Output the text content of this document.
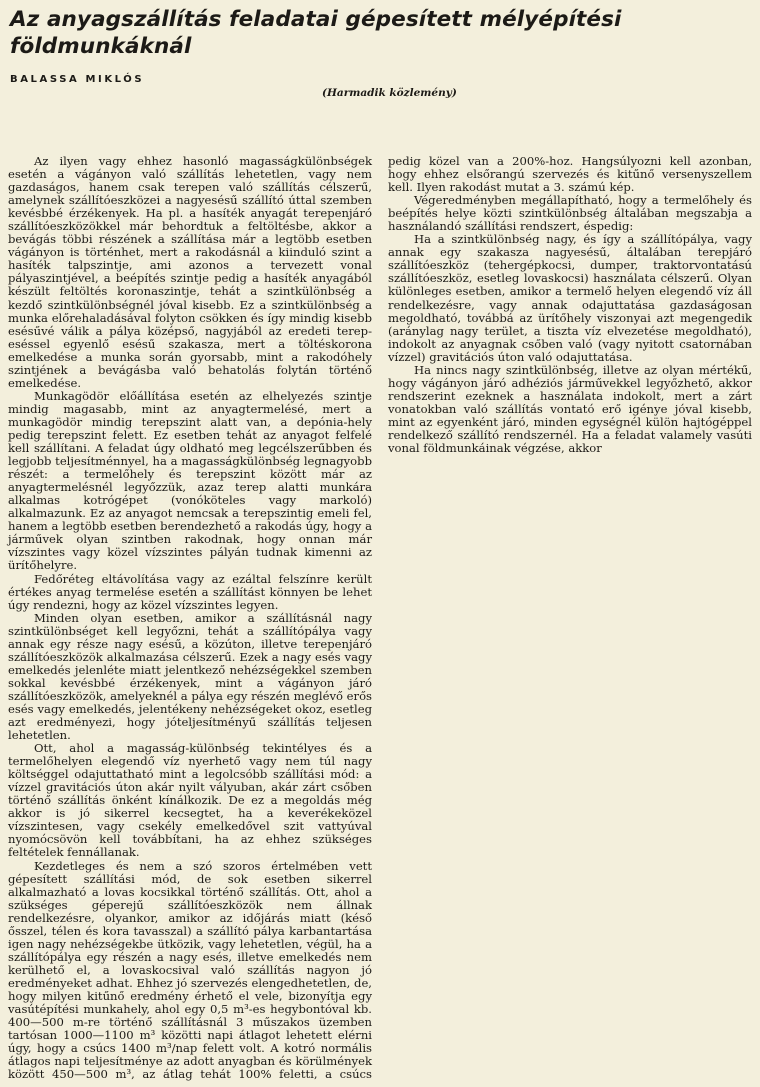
Az anyagszállítás feladatai gépesített mélyépítési földmunkáknál
BALASSA MIKLÓS
(Harmadik közlemény)

Az ilyen vagy ehhez hasonló magasságkülönbségek esetén a vágányon való szállítás lehetetlen, vagy nem gazdaságos, hanem csak terepen való szállítás célszerű, amelynek szállítóeszközei a nagyesésű szállító úttal szemben kevésbbé érzékenyek. Ha pl. a hasíték anyagát terepenjáró szállítóeszközökkel már behordtuk a feltöltésbe, akkor a bevágás többi részének a szállítása már a legtöbb esetben vágányon is történhet, mert a rakodásnál a kiinduló szint a hasíték talpszintje, ami azonos a tervezett vonal pályaszintjével, a beépítés szintje pedig a hasíték anyagából készült feltöltés koronaszintje, tehát a szintkülönbség a kezdő szintkülönbségnél jóval kisebb. Ez a szintkülönbség a munka előrehaladásával folyton csökken és így mindig kisebb esésűvé válik a pálya középső, nagyjából az eredeti terep-eséssel egyenlő esésű szakasza, mert a töltéskorona emelkedése a munka során gyorsabb, mint a rakodóhely szintjének a bevágásba való behatolás folytán történő emelkedése.

Munkagödör előállítása esetén az elhelyezés szintje mindig magasabb, mint az anyagtermelésé, mert a munkagödör mindig terepszint alatt van, a depónia-hely pedig terepszint felett. Ez esetben tehát az anyagot felfelé kell szállítani. A feladat úgy oldható meg legcélszerűbben és legjobb teljesítménnyel, ha a magasságkülönbség legnagyobb részét: a termelőhely és terepszint között már az anyagtermelésnél legyőzzük, azaz terep alatti munkára alkalmas kotrógépet (vonóköteles vagy markoló) alkalmazunk. Ez az anyagot nemcsak a terepszintig emeli fel, hanem a legtöbb esetben berendezhető a rakodás úgy, hogy a járművek olyan szintben rakodnak, hogy onnan már vízszintes vagy közel vízszintes pályán tudnak kimenni az ürítőhelyre.

Fedőréteg eltávolítása vagy az ezáltal felszínre került értékes anyag termelése esetén a szállítást könnyen be lehet úgy rendezni, hogy az közel vízszintes legyen.

Minden olyan esetben, amikor a szállításnál nagy szintkülönbséget kell legyőzni, tehát a szállítópálya vagy annak egy része nagy esésű, a közúton, illetve terepenjáró szállítóeszközök alkalmazása célszerű. Ezek a nagy esés vagy emelkedés jelenléte miatt jelentkező nehézségekkel szemben sokkal kevésbbé érzékenyek, mint a vágányon járó szállítóeszközök, amelyeknél a pálya egy részén meglévő erős esés vagy emelkedés, jelentékeny nehézségeket okoz, esetleg azt eredményezi, hogy jóteljesítményű szállítás teljesen lehetetlen.

Ott, ahol a magasság-különbség tekintélyes és a termelőhelyen elegendő víz nyerhető vagy nem túl nagy költséggel odajuttatható mint a legolcsóbb szállítási mód: a vízzel gravitációs úton akár nyilt vályuban, akár zárt csőben történő szállítás önként kínálkozik. De ez a megoldás még akkor is jó sikerrel kecsegtet, ha a keverékeközel vízszintesen, vagy csekély emelkedővel szit vattyúval nyomócsövön kell továbbítani, ha az ehhez szükséges feltételek fennállanak.

Kezdetleges és nem a szó szoros értelmében vett gépesített szállítási mód, de sok esetben sikerrel alkalmazható a lovas kocsikkal történő szállítás. Ott, ahol a szükséges géperejű szállítóeszközök nem állnak rendelkezésre, olyankor, amikor az időjárás miatt (késő ősszel, télen és kora tavasszal) a szállító pálya karbantartása igen nagy nehézségekbe ütközik, vagy lehetetlen, végül, ha a szállítópálya egy részén a nagy esés, illetve emelkedés nem kerülhető el, a lovaskocsival való szállítás nagyon jó eredményeket adhat. Ehhez jó szervezés elengedhetetlen, de, hogy milyen kitűnő eredmény érhető el vele, bizonyítja egy vasútépítési munkahely, ahol egy 0,5 m³-es hegybontóval kb. 400—500 m-re történő szállításnál 3 műszakos üzemben tartósan 1000—1100 m³ közötti napi átlagot lehetett elérni úgy, hogy a csúcs 1400 m³/nap felett volt. A kotró normális átlagos napi teljesítménye az adott anyagban és körülmények között 450—500 m³, az átlag tehát 100% feletti, a csúcs pedig közel van a 200%-hoz. Hangsúlyozni kell azonban, hogy ehhez elsőrangú szervezés és kitűnő versenyszellem kell. Ilyen rakodást mutat a 3. számú kép.

Végeredményben megállapítható, hogy a termelőhely és beépítés helye közti szintkülönbség általában megszabja a használandó szállítási rendszert, éspedig:

Ha a szintkülönbség nagy, és így a szállítópálya, vagy annak egy szakasza nagyesésű, általában terepjáró szállítóeszköz (tehergépkocsi, dumper, traktorvontatású szállítóeszköz, esetleg lovaskocsi) használata célszerű. Olyan különleges esetben, amikor a termelő helyen elegendő víz áll rendelkezésre, vagy annak odajuttatása gazdaságosan megoldható, továbbá az ürítőhely viszonyai azt megengedik (aránylag nagy terület, a tiszta víz elvezetése megoldható), indokolt az anyagnak csőben való (vagy nyitott csatornában vízzel) gravitációs úton való odajuttatása.

Ha nincs nagy szintkülönbség, illetve az olyan mértékű, hogy vágányon járó adhéziós járművekkel legyőzhető, akkor rendszerint ezeknek a használata indokolt, mert a zárt vonatokban való szállítás vontató erő igénye jóval kisebb, mint az egyenként járó, minden egységnél külön hajtógéppel rendelkező szállító rendszernél. Ha a feladat valamely vasúti vonal földmunkáinak végzése, akkor
